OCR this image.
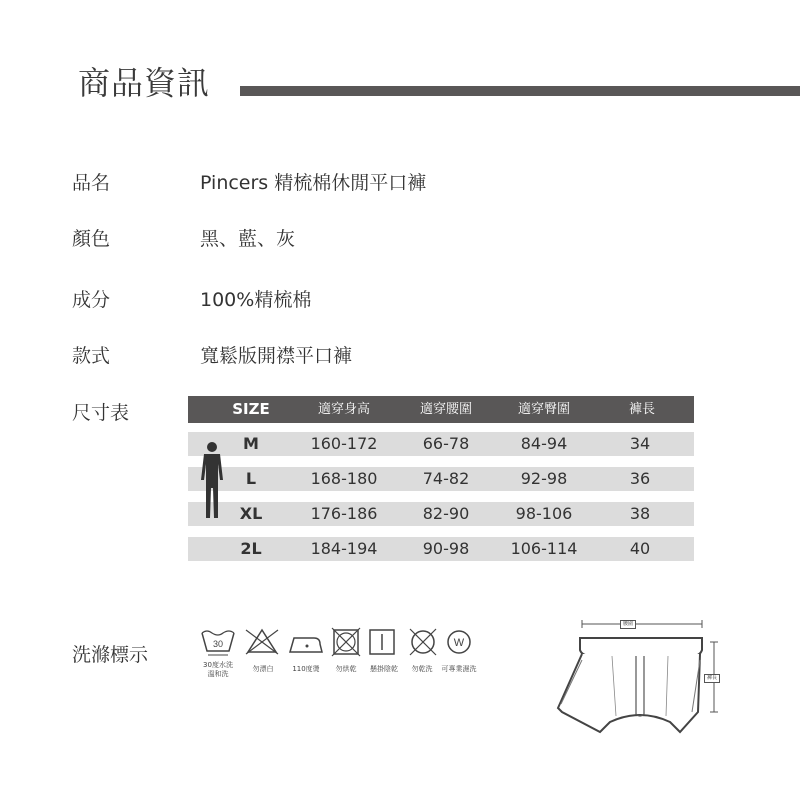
商品資訊
品名	Pincers 精梳棉休閒平口褲
顏色	黑、藍、灰
成分	100%精梳棉
款式	寬鬆版開襟平口褲
尺寸表	SIZE	適穿身高	適穿腰圍	適穿臀圍	褲長
M	160-172	66-78	84-94	34
L	168-180	74-82	92-98	36
XL	176-186	82-90	98-106	38
2L	184-194	90-98	106-114	40
洗滌標示	30	W
30度水洗
溫和洗
勿漂白	110度燙 勿烘乾 懸掛陰乾 勿乾洗 可專業濕洗
腰圍
褲長
